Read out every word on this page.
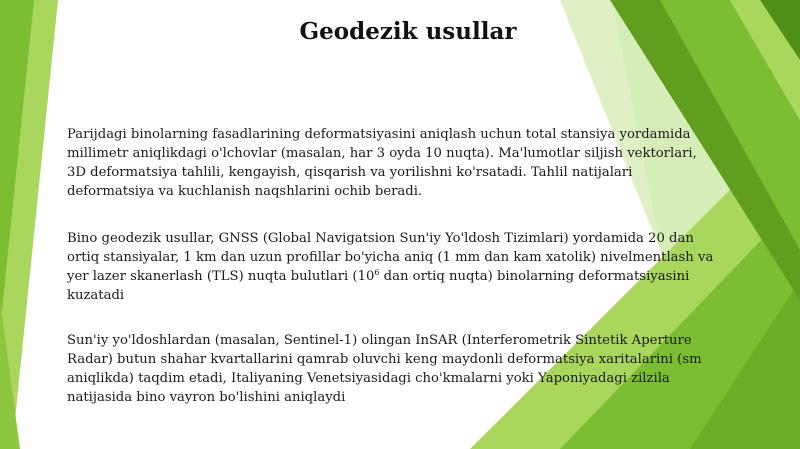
Geodezik usullar
Parijdagi binolarning fasadlarining deformatsiyasini aniqlash uchun total stansiya yordamida
millimetr aniqlikdagi o'lchovlar (masalan, har 3 oyda 10 nuqta). Ma'lumotlar siljish vektorlari,
3D deformatsiya tahlili, kengayish, qisqarish va yorilishni ko'rsatadi. Tahlil natijalari
deformatsiya va kuchlanish naqshlarini ochib beradi.
Bino geodezik usullar, GNSS (Global Navigatsion Sun'iy Yo'ldosh Tizimlari) yordamida 20 dan
ortiq stansiyalar, 1 km dan uzun profillar bo'yicha aniq (1 mm dan kam xatolik) nivelmentlash va
yer lazer skanerlash (TLS) nuqta bulutlari ($10^6$ dan ortiq nuqta) binolarning deformatsiyasini
kuzatadi
Sun'iy yo'ldoshlardan (masalan, Sentinel-1) olingan InSAR (Interferometrik Sintetik Aperture
Radar) butun shahar kvartallarini qamrab oluvchi keng maydonli deformatsiya xaritalarini (sm
aniqlikda) taqdim etadi, Italiyaning Venetsiyasidagi cho'kmalarni yoki Yaponiyadagi zilzila
natijasida bino vayron bo'lishini aniqlaydi
